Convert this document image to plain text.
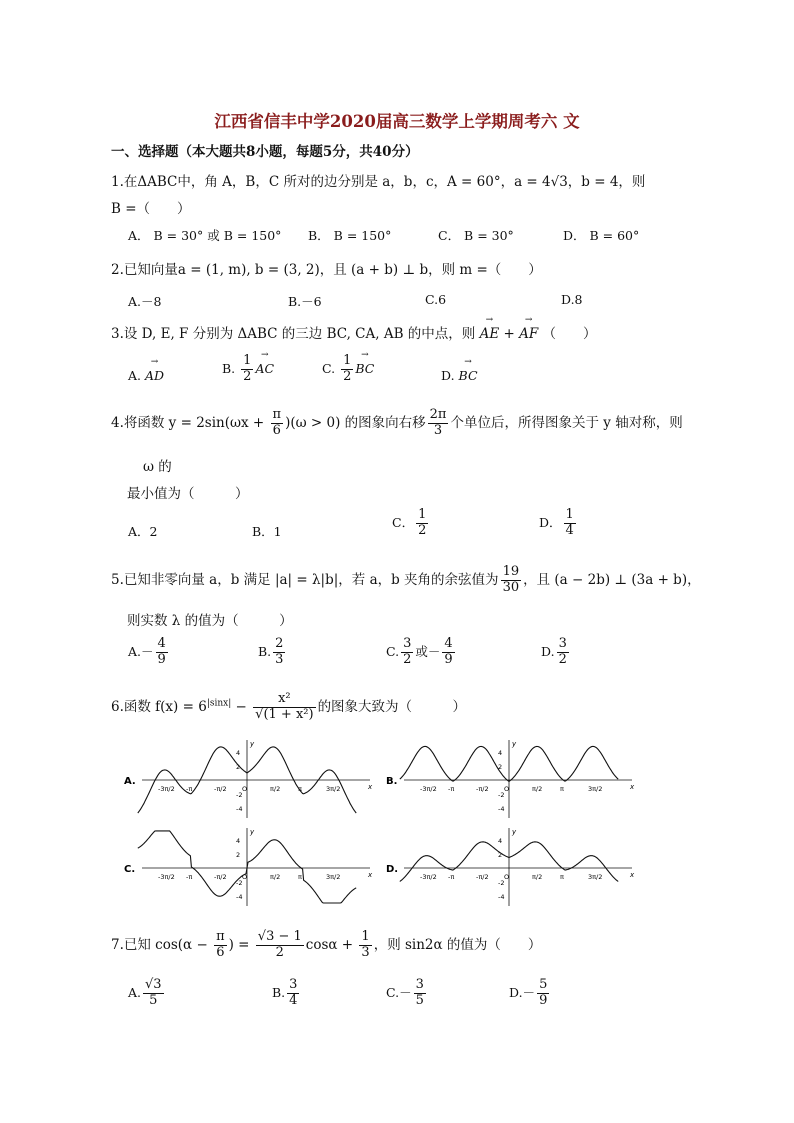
江西省信丰中学2020届高三数学上学期周考六 文
一、选择题（本大题共8小题，每题5分，共40分）
1.在ΔABC中，角 A，B，C 所对的边分别是 a，b，c，A = 60°，a = 4√3，b = 4，则
B =（　　）
A． B = 30° 或 B = 150° B． B = 150°	C． B = 30°	D． B = 60°
2.已知向量a = (1, m), b = (3, 2)，且 (a + b) ⊥ b，则 m =（　　）
A.－8	B.－6	C.6	D.8
3.设 D, E, F 分别为 ΔABC 的三边 BC, CA, AB 的中点，则 → AE + → AF （　　）
A. → AD	B. $\frac{1}{2}$ → AC	C. $\frac{1}{2}$ → BC	D. → BC
4.将函数 $y = 2\sin(\omega x + \frac{\pi}{6} )(\omega > 0)$ 的图象向右移 $\frac{2\pi}{3}$ 个单位后，所得图象关于 y 轴对称，则
ω 的
最小值为（　　　）
A．2	B．1
C． $\frac{1}{2}$	D． $\frac{1}{4}$
5.已知非零向量 a，b 满足 |a| = λ|b|，若 a，b 夹角的余弦值为 $\frac{19}{30}$ ，且 (a − 2b) ⊥ (3a + b)，
则实数 λ 的值为（　　　）
$A.- \frac{4}{9}$	B. $\frac{2}{3}$	C. $\frac{3}{2}$ 或－ $\frac{4}{9}$	D. $\frac{3}{2}$
6.函数 $f(x) = 6^{|sinx|} - \frac{\text{x²}}{\text{√(1 + x²)}}$ 的图象大致为（　　　）
A.	x
y
4
2
-2
-4
-3π/2 -π	-π/2 O	π/2	π	3π/2
B.	x
y
4
2
-2
-4
-3π/2 -π	-π/2 O	π/2	π	3π/2
C.	x
y
4
2
-2
-4
-3π/2 -π	-π/2 O	π/2	π	3π/2
D.	x
y
4
2
-2
-4
-3π/2 -π	-π/2 O	π/2	π	3π/2
7.已知 $\cos(\alpha - \frac{\pi}{6}$ ) = $\frac{√3 - 1}{2}$ $\cos\alpha + \frac{1}{3}$ ，则 sin2α 的值为（　　）
A. $\frac{√3}{5}$	B. $\frac{3}{4}$	$C.- \frac{3}{5}$	$D.- \frac{5}{9}$
